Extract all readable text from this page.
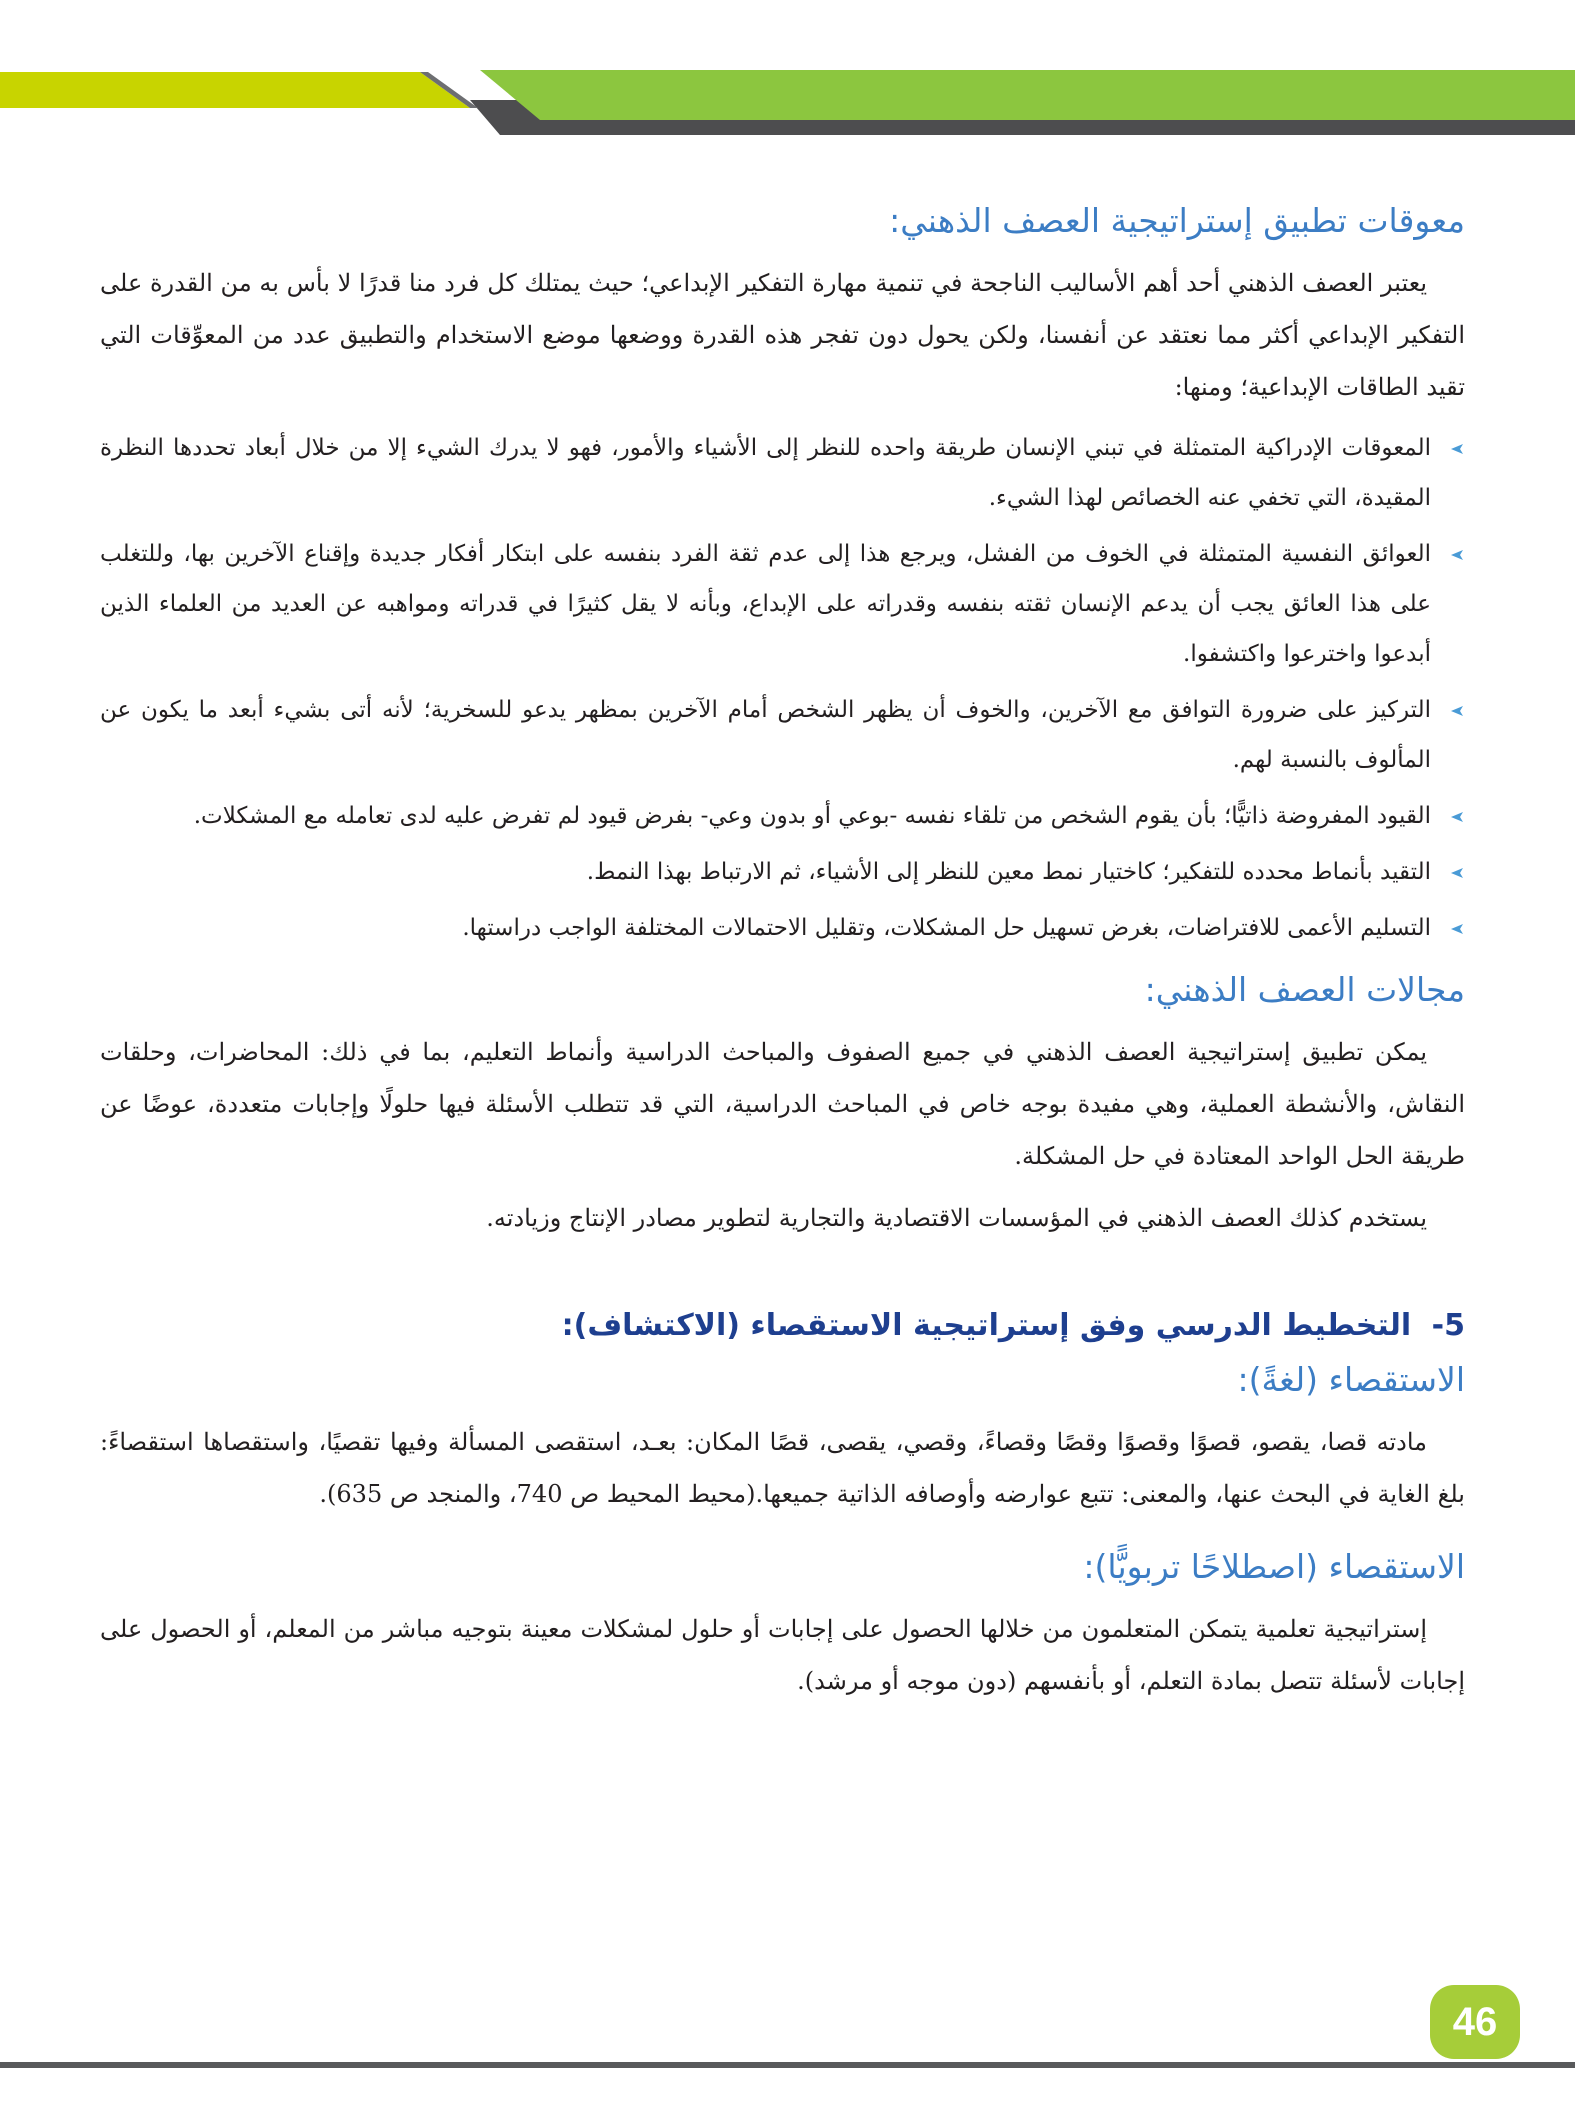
معوقات تطبيق إستراتيجية العصف الذهني:

يعتبر العصف الذهني أحد أهم الأساليب الناجحة في تنمية مهارة التفكير الإبداعي؛ حيث يمتلك كل فرد منا قدرًا لا بأس به من القدرة على التفكير الإبداعي أكثر مما نعتقد عن أنفسنا، ولكن يحول دون تفجر هذه القدرة ووضعها موضع الاستخدام والتطبيق عدد من المعوِّقات التي تقيد الطاقات الإبداعية؛ ومنها:

المعوقات الإدراكية المتمثلة في تبني الإنسان طريقة واحده للنظر إلى الأشياء والأمور، فهو لا يدرك الشيء إلا من خلال أبعاد تحددها النظرة المقيدة، التي تخفي عنه الخصائص لهذا الشيء.
العوائق النفسية المتمثلة في الخوف من الفشل، ويرجع هذا إلى عدم ثقة الفرد بنفسه على ابتكار أفكار جديدة وإقناع الآخرين بها، وللتغلب على هذا العائق يجب أن يدعم الإنسان ثقته بنفسه وقدراته على الإبداع، وبأنه لا يقل كثيرًا في قدراته ومواهبه عن العديد من العلماء الذين أبدعوا واخترعوا واكتشفوا.
التركيز على ضرورة التوافق مع الآخرين، والخوف أن يظهر الشخص أمام الآخرين بمظهر يدعو للسخرية؛ لأنه أتى بشيء أبعد ما يكون عن المألوف بالنسبة لهم.
القيود المفروضة ذاتيًّا؛ بأن يقوم الشخص من تلقاء نفسه -بوعي أو بدون وعي- بفرض قيود لم تفرض عليه لدى تعامله مع المشكلات.
التقيد بأنماط محدده للتفكير؛ كاختيار نمط معين للنظر إلى الأشياء، ثم الارتباط بهذا النمط.
التسليم الأعمى للافتراضات، بغرض تسهيل حل المشكلات، وتقليل الاحتمالات المختلفة الواجب دراستها.
مجالات العصف الذهني:

يمكن تطبيق إستراتيجية العصف الذهني في جميع الصفوف والمباحث الدراسية وأنماط التعليم، بما في ذلك: المحاضرات، وحلقات النقاش، والأنشطة العملية، وهي مفيدة بوجه خاص في المباحث الدراسية، التي قد تتطلب الأسئلة فيها حلولًا وإجابات متعددة، عوضًا عن طريقة الحل الواحد المعتادة في حل المشكلة.

يستخدم كذلك العصف الذهني في المؤسسات الاقتصادية والتجارية لتطوير مصادر الإنتاج وزيادته.

5- التخطيط الدرسي وفق إستراتيجية الاستقصاء (الاكتشاف):
الاستقصاء (لغةً):

مادته قصا، يقصو، قصوًا وقصوًا وقصًا وقصاءً، وقصي، يقصى، قصًا المكان: بعـد، استقصى المسألة وفيها تقصيًا، واستقصاها استقصاءً: بلغ الغاية في البحث عنها، والمعنى: تتبع عوارضه وأوصافه الذاتية جميعها.(محيط المحيط ص 740، والمنجد ص 635).

الاستقصاء (اصطلاحًا تربويًّا):

إستراتيجية تعلمية يتمكن المتعلمون من خلالها الحصول على إجابات أو حلول لمشكلات معينة بتوجيه مباشر من المعلم، أو الحصول على إجابات لأسئلة تتصل بمادة التعلم، أو بأنفسهم (دون موجه أو مرشد).

46
